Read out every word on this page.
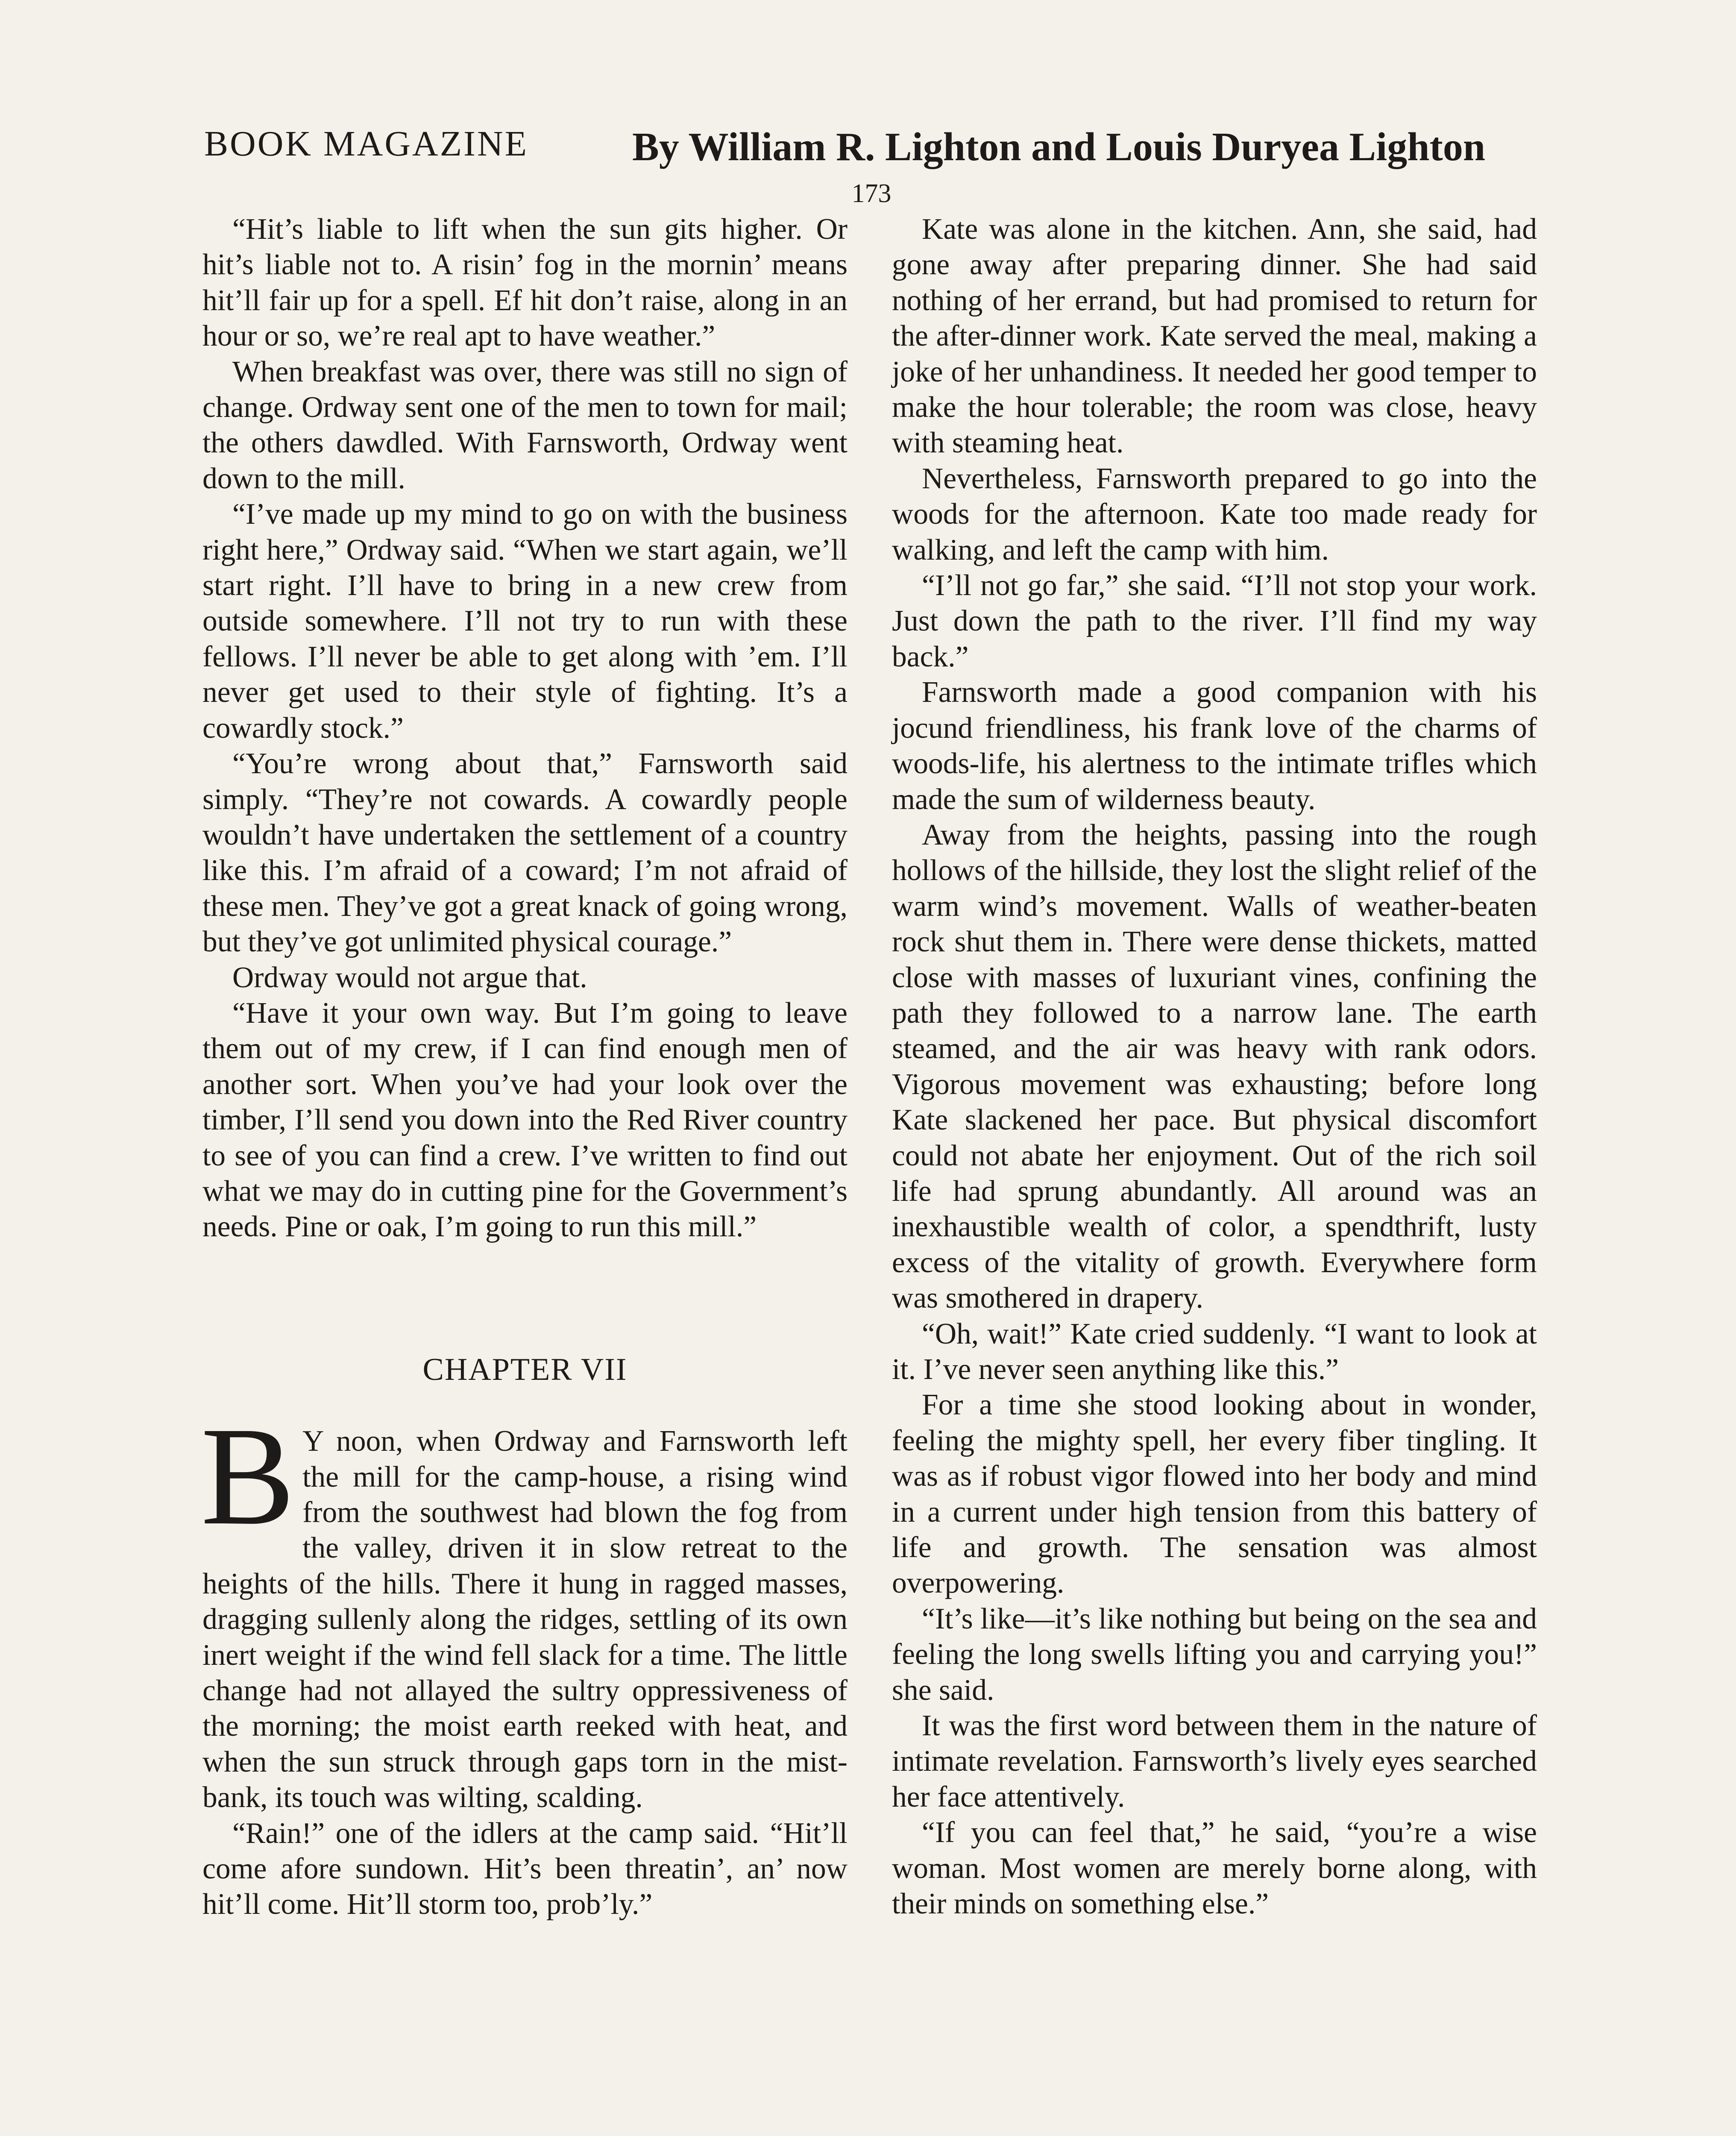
BOOK MAGAZINE	By William R. Lighton and Louis Duryea Lighton
173

“Hit’s liable to lift when the sun gits higher. Or hit’s liable not to. A risin’ fog in the mornin’ means hit’ll fair up for a spell. Ef hit don’t raise, along in an hour or so, we’re real apt to have weather.”

When breakfast was over, there was still no sign of change. Ordway sent one of the men to town for mail; the others dawdled. With Farnsworth, Ordway went down to the mill.

“I’ve made up my mind to go on with the business right here,” Ordway said. “When we start again, we’ll start right. I’ll have to bring in a new crew from outside somewhere. I’ll not try to run with these fellows. I’ll never be able to get along with ’em. I’ll never get used to their style of fighting. It’s a cowardly stock.”

“You’re wrong about that,” Farnsworth said simply. “They’re not cowards. A cowardly people wouldn’t have undertaken the settlement of a country like this. I’m afraid of a coward; I’m not afraid of these men. They’ve got a great knack of going wrong, but they’ve got unlimited physical courage.”

Ordway would not argue that.

“Have it your own way. But I’m going to leave them out of my crew, if I can find enough men of another sort. When you’ve had your look over the timber, I’ll send you down into the Red River country to see of you can find a crew. I’ve written to find out what we may do in cutting pine for the Government’s needs. Pine or oak, I’m going to run this mill.”

CHAPTER VII

B Y noon, when Ordway and Farnsworth left the mill for the camp-house, a rising wind from the southwest had blown the fog from the valley, driven it in slow retreat to the heights of the hills. There it hung in ragged masses, dragging sullenly along the ridges, settling of its own inert weight if the wind fell slack for a time. The little change had not allayed the sultry oppressiveness of the morning; the moist earth reeked with heat, and when the sun struck through gaps torn in the mist-bank, its touch was wilting, scalding.

“Rain!” one of the idlers at the camp said. “Hit’ll come afore sundown. Hit’s been threatin’, an’ now hit’ll come. Hit’ll storm too, prob’ly.”

Kate was alone in the kitchen. Ann, she said, had gone away after preparing dinner. She had said nothing of her errand, but had promised to return for the after-dinner work. Kate served the meal, making a joke of her unhandiness. It needed her good temper to make the hour tolerable; the room was close, heavy with steaming heat.

Nevertheless, Farnsworth prepared to go into the woods for the afternoon. Kate too made ready for walking, and left the camp with him.

“I’ll not go far,” she said. “I’ll not stop your work. Just down the path to the river. I’ll find my way back.”

Farnsworth made a good companion with his jocund friendliness, his frank love of the charms of woods-life, his alertness to the intimate trifles which made the sum of wilderness beauty.

Away from the heights, passing into the rough hollows of the hillside, they lost the slight relief of the warm wind’s movement. Walls of weather-beaten rock shut them in. There were dense thickets, matted close with masses of luxuriant vines, confining the path they followed to a narrow lane. The earth steamed, and the air was heavy with rank odors. Vigorous movement was exhausting; before long Kate slackened her pace. But physical discomfort could not abate her enjoyment. Out of the rich soil life had sprung abundantly. All around was an inexhaustible wealth of color, a spendthrift, lusty excess of the vitality of growth. Everywhere form was smothered in drapery.

“Oh, wait!” Kate cried suddenly. “I want to look at it. I’ve never seen anything like this.”

For a time she stood looking about in wonder, feeling the mighty spell, her every fiber tingling. It was as if robust vigor flowed into her body and mind in a current under high tension from this battery of life and growth. The sensation was almost overpowering.

“It’s like—it’s like nothing but being on the sea and feeling the long swells lifting you and carrying you!” she said.

It was the first word between them in the nature of intimate revelation. Farnsworth’s lively eyes searched her face attentively.

“If you can feel that,” he said, “you’re a wise woman. Most women are merely borne along, with their minds on something else.”
